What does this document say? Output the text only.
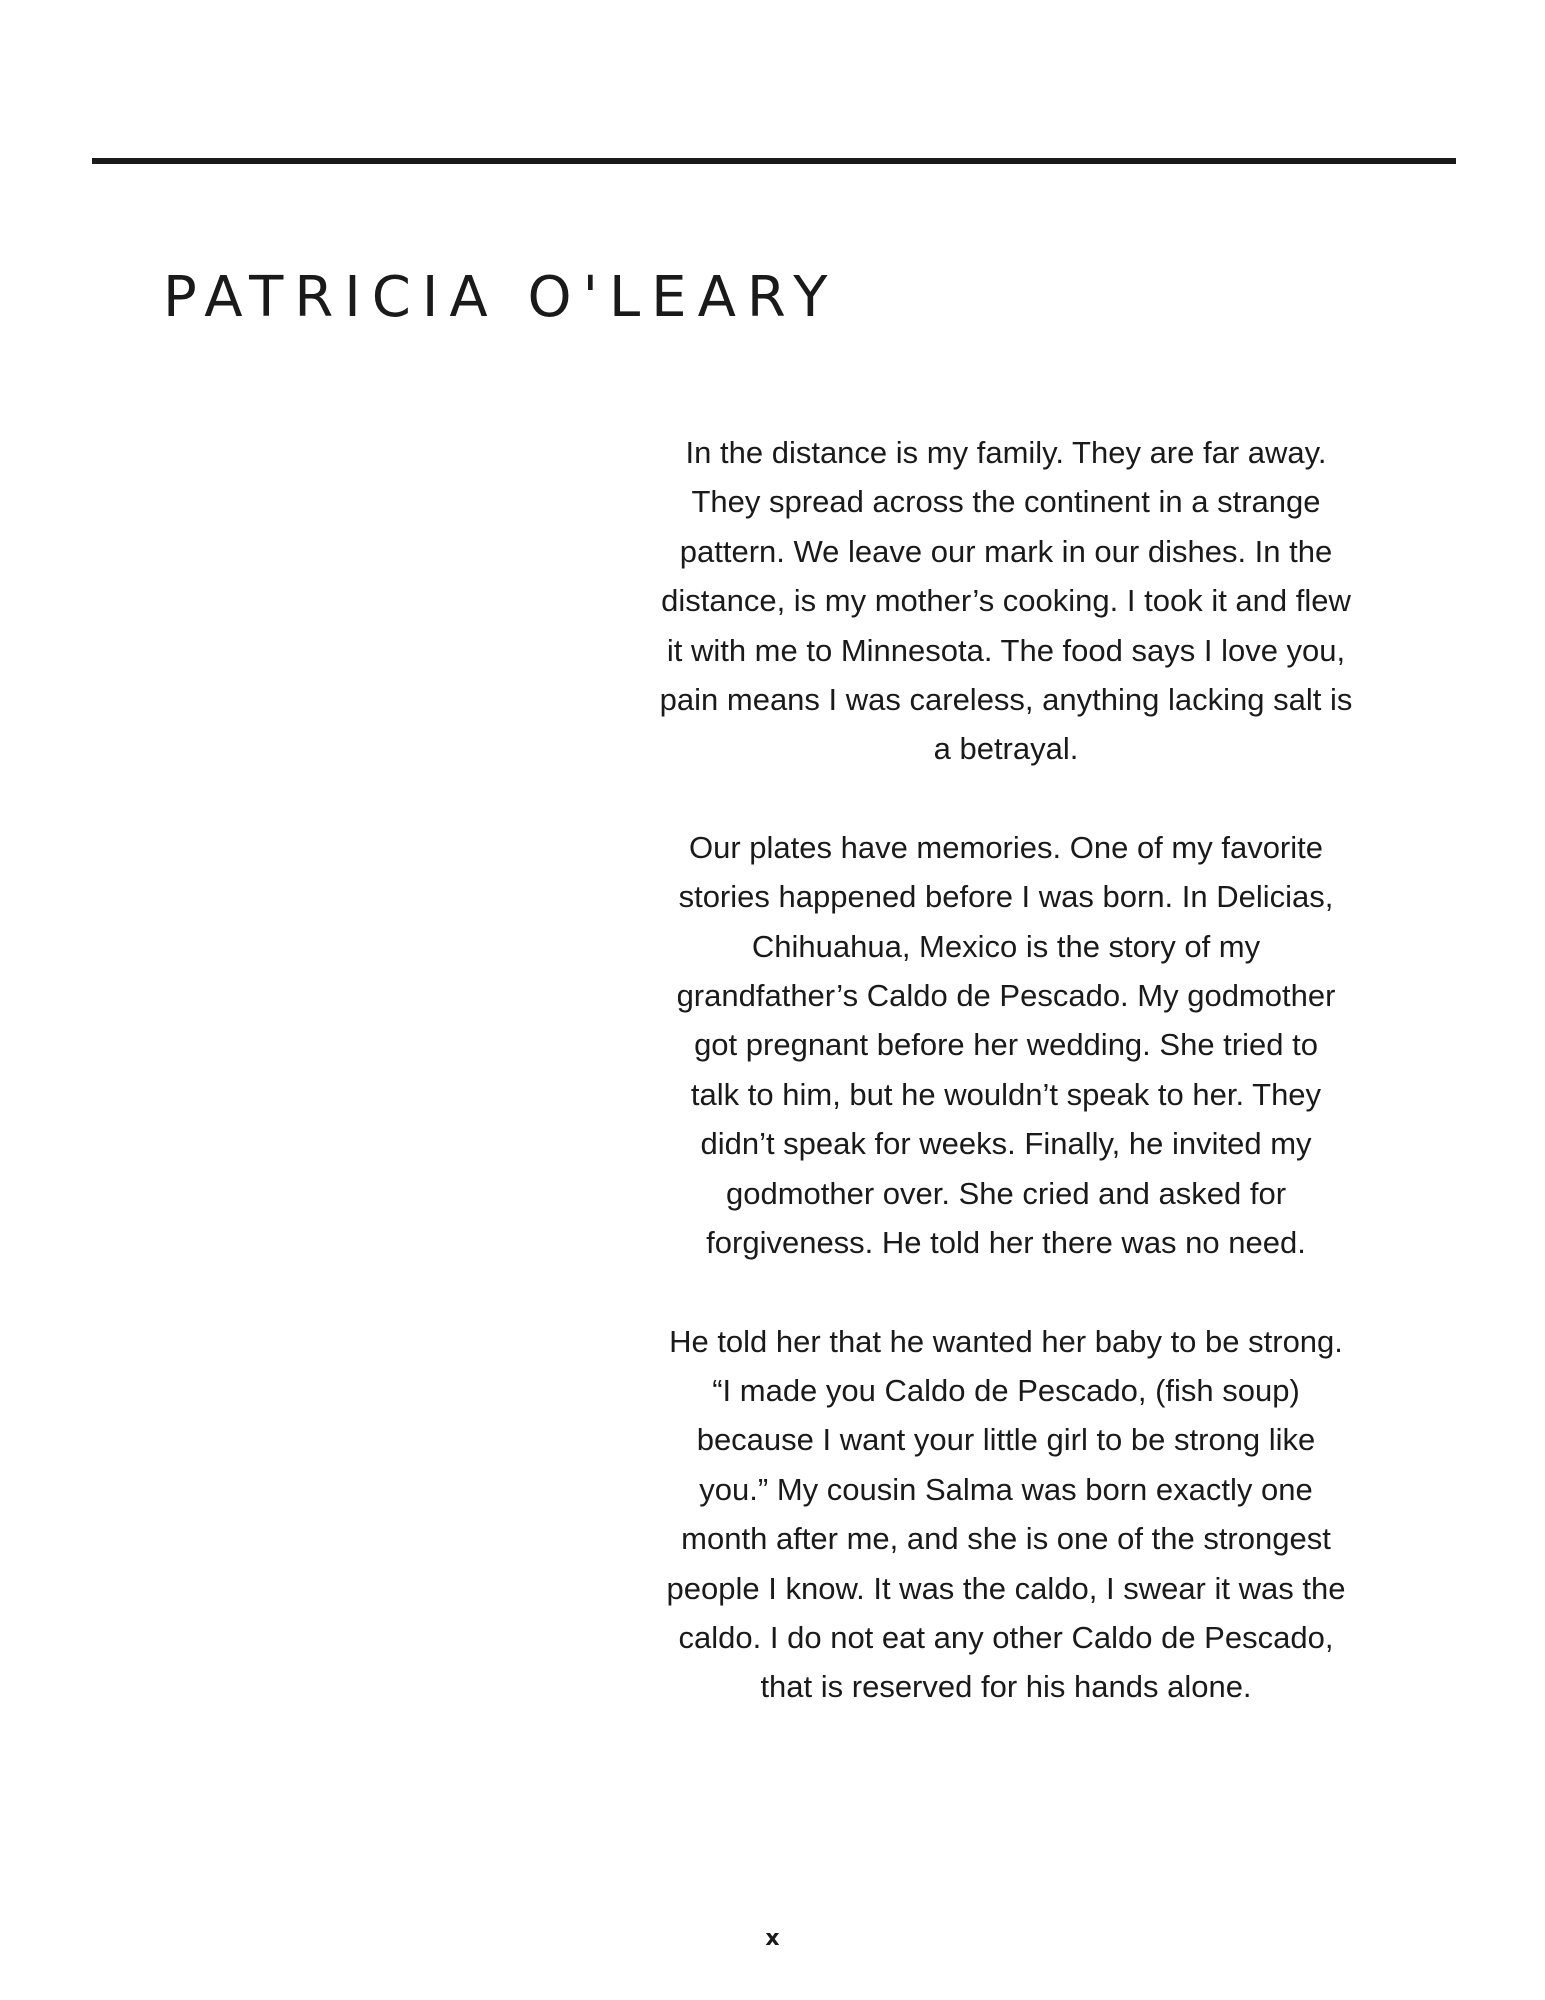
PATRICIA O'LEARY

In the distance is my family. They are far away.
They spread across the continent in a strange
pattern. We leave our mark in our dishes. In the
distance, is my mother’s cooking. I took it and flew
it with me to Minnesota. The food says I love you,
pain means I was careless, anything lacking salt is
a betrayal.

Our plates have memories. One of my favorite
stories happened before I was born. In Delicias,
Chihuahua, Mexico is the story of my
grandfather’s Caldo de Pescado. My godmother
got pregnant before her wedding. She tried to
talk to him, but he wouldn’t speak to her. They
didn’t speak for weeks. Finally, he invited my
godmother over. She cried and asked for
forgiveness. He told her there was no need.

He told her that he wanted her baby to be strong.
“I made you Caldo de Pescado, (fish soup)
because I want your little girl to be strong like
you.” My cousin Salma was born exactly one
month after me, and she is one of the strongest
people I know. It was the caldo, I swear it was the
caldo. I do not eat any other Caldo de Pescado,
that is reserved for his hands alone.

x
